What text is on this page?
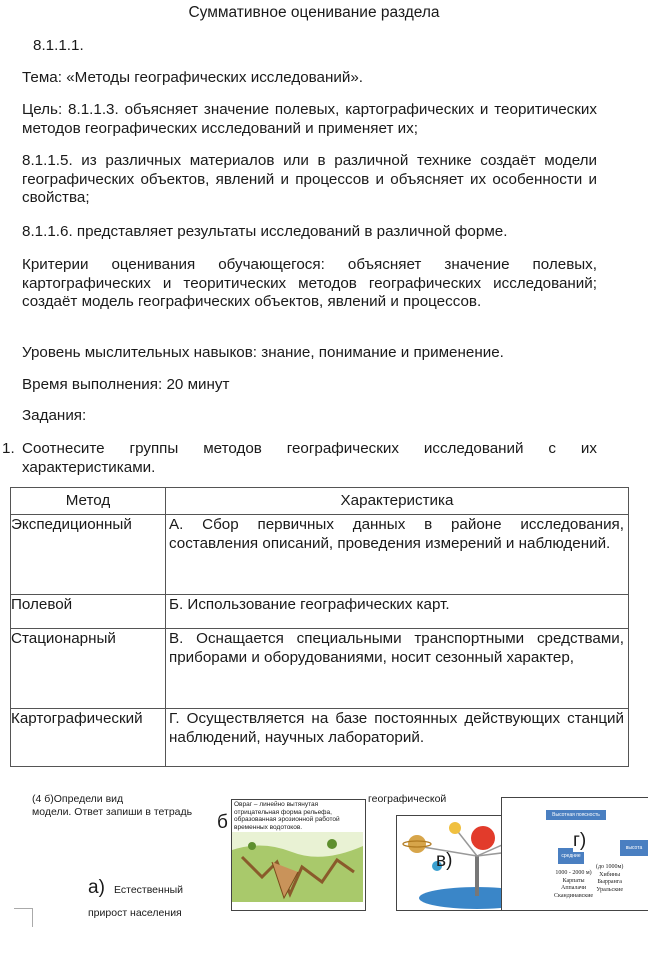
Суммативное оценивание раздела
8.1.1.1.
Тема: «Методы географических исследований».
Цель: 8.1.1.3. объясняет значение полевых, картографических и теоритических методов географических исследований и применяет их;
8.1.1.5. из различных материалов или в различной технике создаёт модели географических объектов, явлений и процессов и объясняет их особенности и свойства;
8.1.1.6. представляет результаты исследований в различной форме.
Критерии оценивания обучающегося: объясняет значение полевых, картографических и теоритических методов географических исследований; создаёт модель географических объектов, явлений и процессов.
Уровень мыслительных навыков: знание, понимание и применение.
Время выполнения: 20 минут
Задания:
1. Соотнесите группы методов географических исследований с их характеристиками.
Метод	Характеристика
Экспедиционный	А. Сбор первичных данных в районе исследования, составления описаний, проведения измерений и наблюдений.
Полевой	Б. Использование географических карт.
Стационарный	В. Оснащается специальными транспортными средствами, приборами и оборудованиями, носит сезонный характер,
Картографический	Г. Осуществляется на базе постоянных действующих станций наблюдений, научных лабораторий.
(4 б)Определи вид
модели. Ответ запиши в тетрадь
географической
б
Овраг – линейно вытянутая отрицательная форма рельефа, образованная эрозионной работой временных водотоков.
в)
Высотная поясность
высота
средние
1000 - 2000 м)
Карпаты
Аппалачи
Скандинавские
(до 1000м)
Хибины
Бырранга
Уральские
г)
а) Естественный
прирост населения
